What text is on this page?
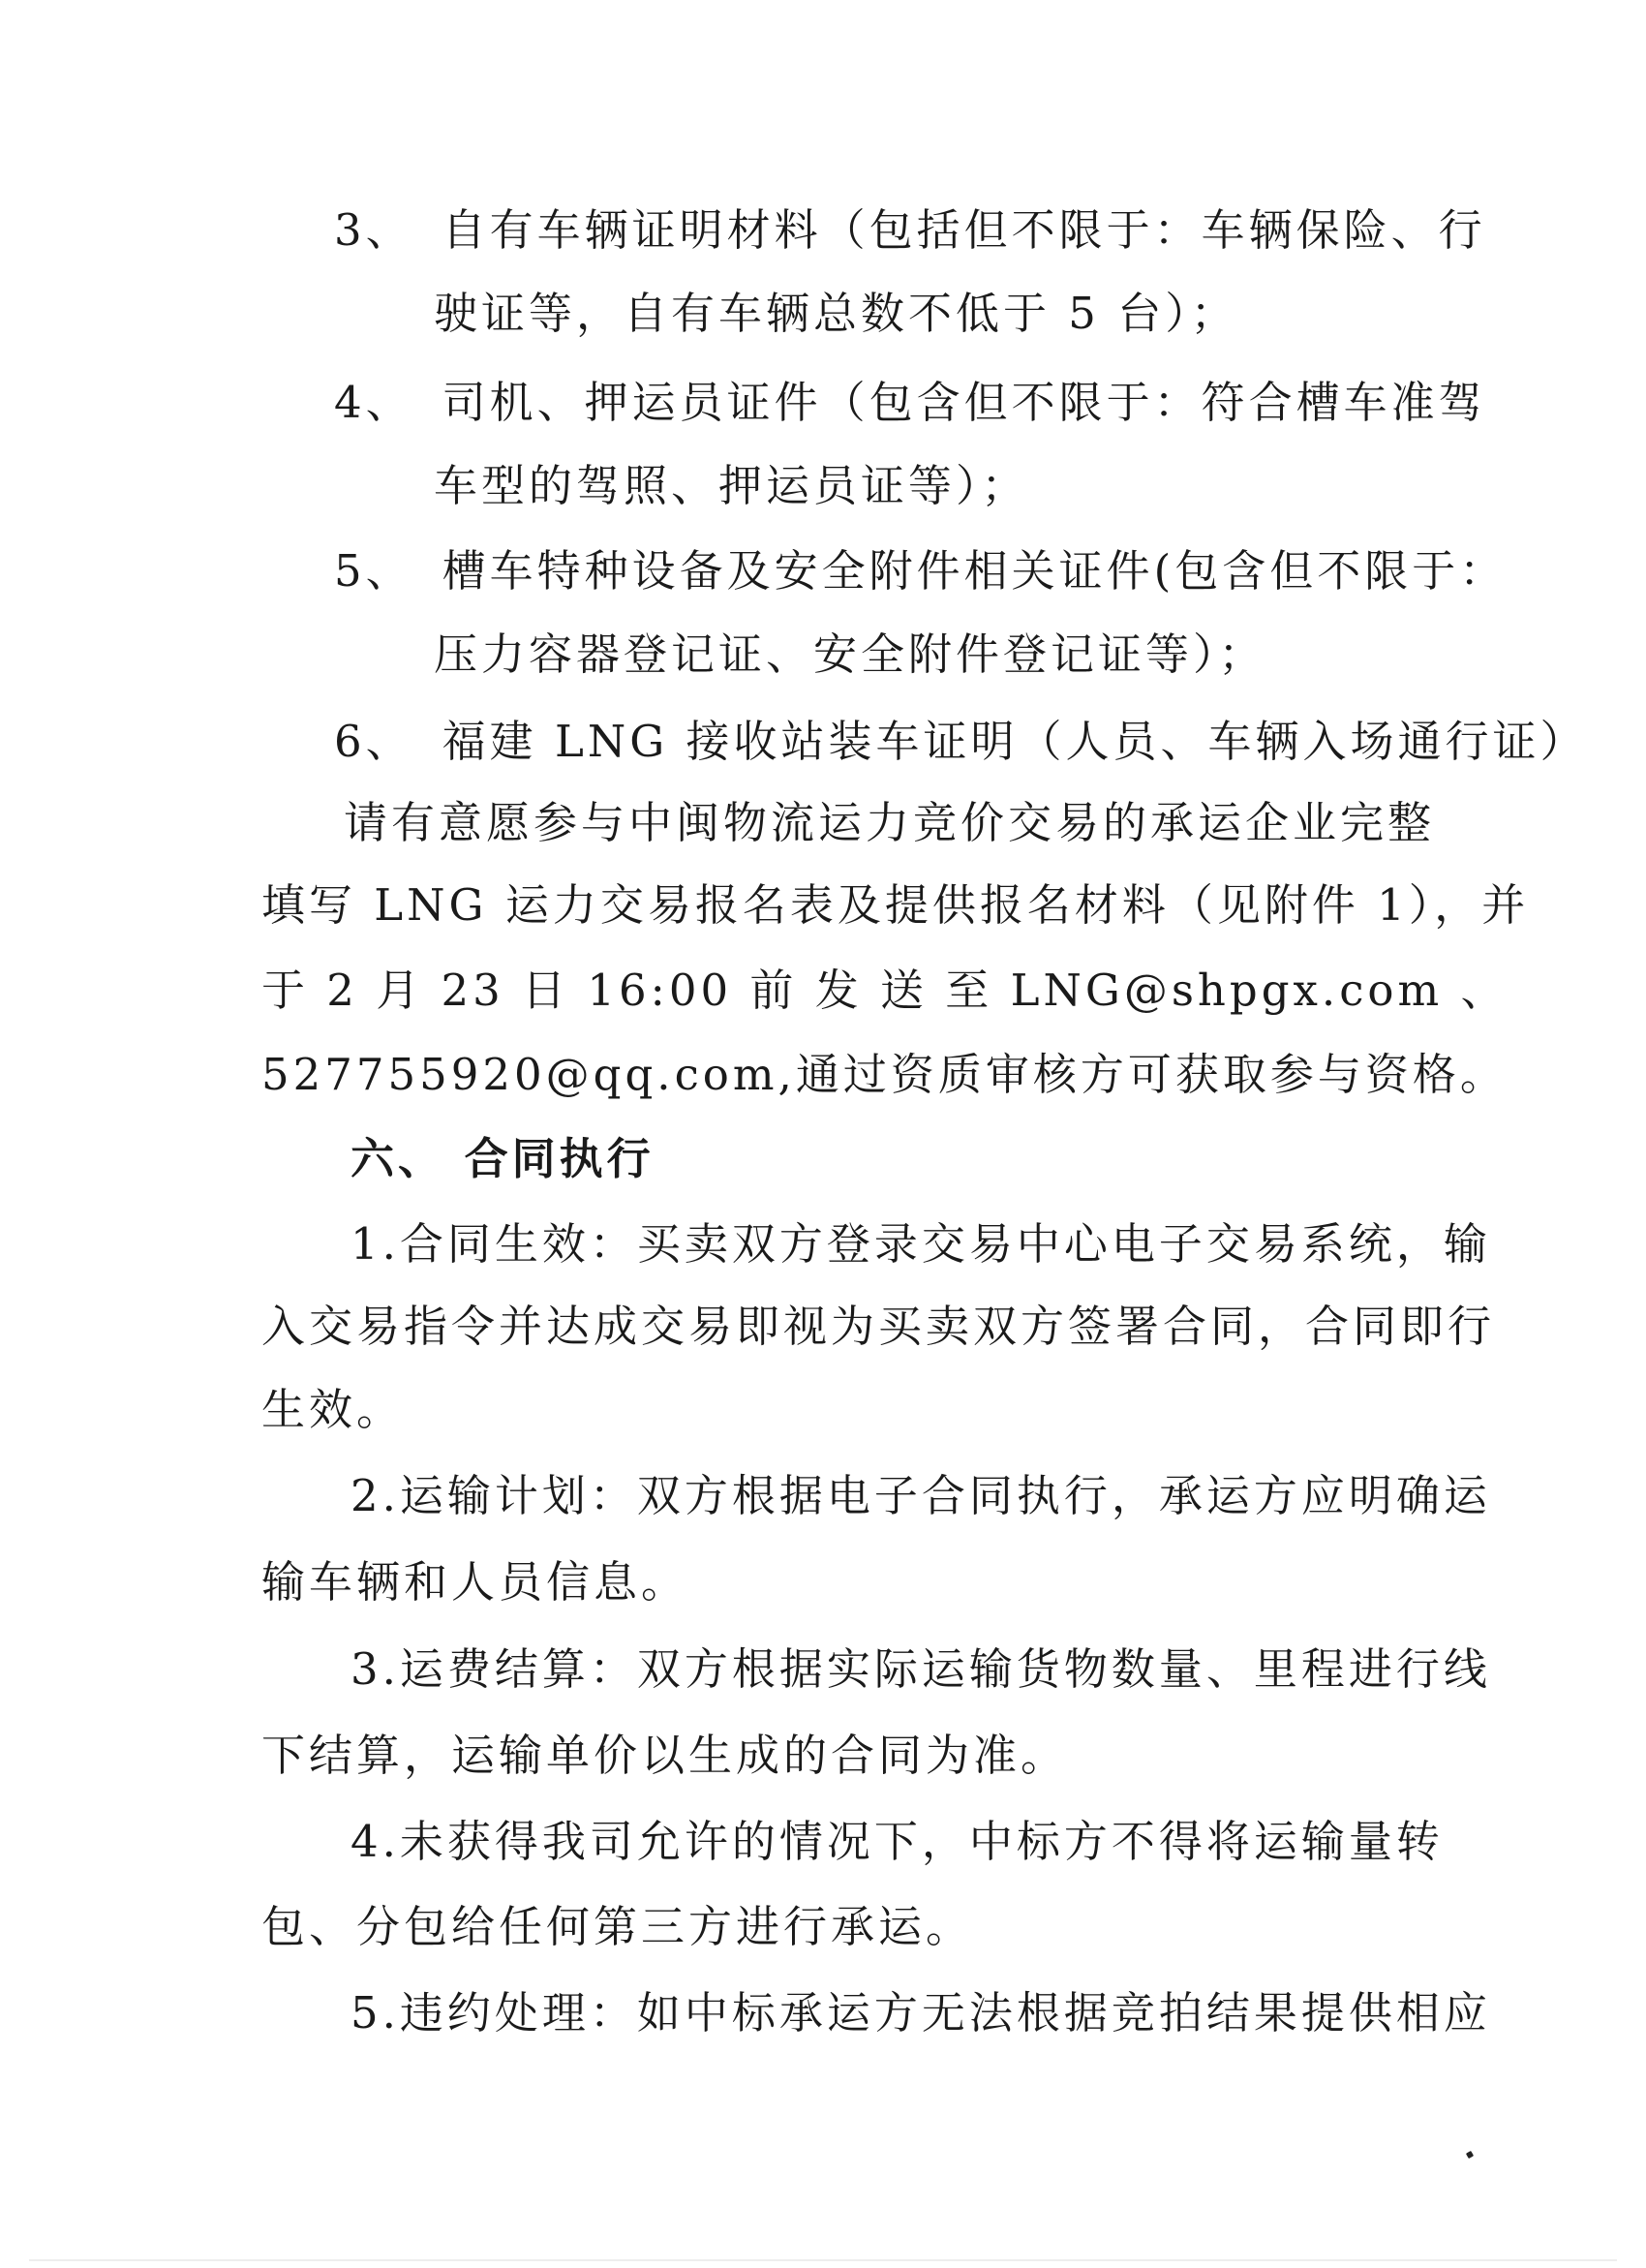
3、 自有车辆证明材料（包括但不限于：车辆保险、行

驶证等，自有车辆总数不低于 5 台）；

4、 司机、押运员证件（包含但不限于：符合槽车准驾

车型的驾照、押运员证等）；

5、 槽车特种设备及安全附件相关证件(包含但不限于：

压力容器登记证、安全附件登记证等）；

6、 福建 LNG 接收站装车证明（人员、车辆入场通行证）

请有意愿参与中闽物流运力竞价交易的承运企业完整

填写 LNG 运力交易报名表及提供报名材料（见附件 1），并

于 2 月 23 日 16:00 前 发 送 至 LNG@shpgx.com 、

527755920@qq.com,通过资质审核方可获取参与资格。

六、 合同执行

1.合同生效：买卖双方登录交易中心电子交易系统，输

入交易指令并达成交易即视为买卖双方签署合同，合同即行

生效。

2.运输计划：双方根据电子合同执行，承运方应明确运

输车辆和人员信息。

3.运费结算：双方根据实际运输货物数量、里程进行线

下结算，运输单价以生成的合同为准。

4.未获得我司允许的情况下，中标方不得将运输量转

包、分包给任何第三方进行承运。

5.违约处理：如中标承运方无法根据竞拍结果提供相应
